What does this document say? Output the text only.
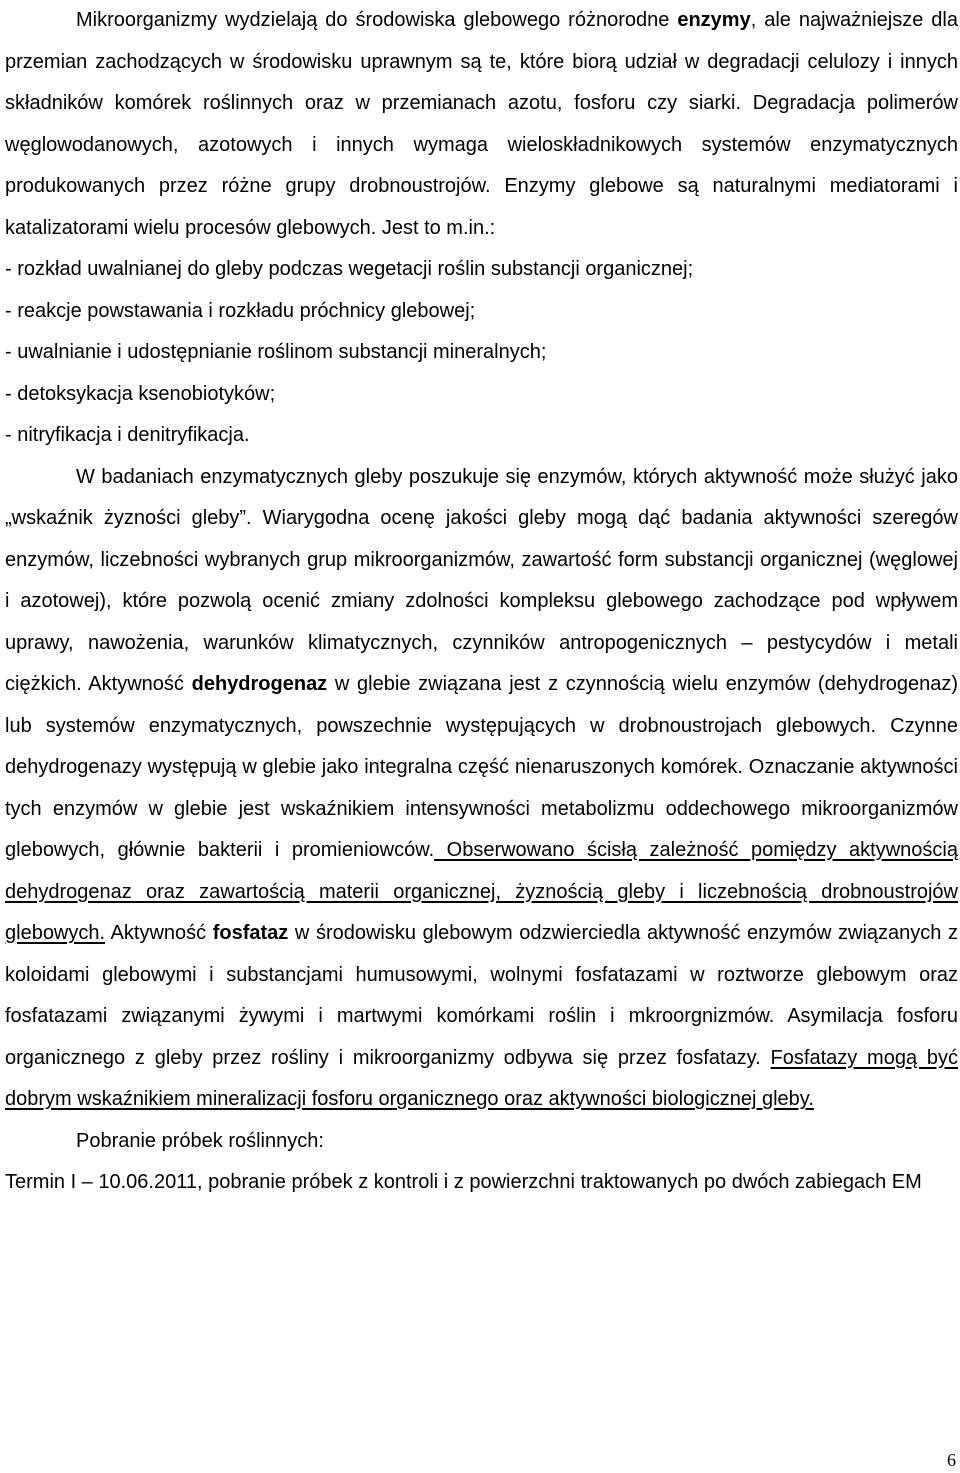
Mikroorganizmy wydzielają do środowiska glebowego różnorodne enzymy, ale najważniejsze dla przemian zachodzących w środowisku uprawnym są te, które biorą udział w degradacji celulozy i innych składników komórek roślinnych oraz w przemianach azotu, fosforu czy siarki. Degradacja polimerów węglowodanowych, azotowych i innych wymaga wieloskładnikowych systemów enzymatycznych produkowanych przez różne grupy drobnoustrojów. Enzymy glebowe są naturalnymi mediatorami i katalizatorami wielu procesów glebowych. Jest to m.in.:

- rozkład uwalnianej do gleby podczas wegetacji roślin substancji organicznej;

- reakcje powstawania i rozkładu próchnicy glebowej;

- uwalnianie i udostępnianie roślinom substancji mineralnych;

- detoksykacja ksenobiotyków;

- nitryfikacja i denitryfikacja.

W badaniach enzymatycznych gleby poszukuje się enzymów, których aktywność może służyć jako „wskaźnik żyzności gleby”. Wiarygodna ocenę jakości gleby mogą dąć badania aktywności szeregów enzymów, liczebności wybranych grup mikroorganizmów, zawartość form substancji organicznej (węglowej i azotowej), które pozwolą ocenić zmiany zdolności kompleksu glebowego zachodzące pod wpływem uprawy, nawożenia, warunków klimatycznych, czynników antropogenicznych – pestycydów i metali ciężkich. Aktywność dehydrogenaz w glebie związana jest z czynnością wielu enzymów (dehydrogenaz) lub systemów enzymatycznych, powszechnie występujących w drobnoustrojach glebowych. Czynne dehydrogenazy występują w glebie jako integralna część nienaruszonych komórek. Oznaczanie aktywności tych enzymów w glebie jest wskaźnikiem intensywności metabolizmu oddechowego mikroorganizmów glebowych, głównie bakterii i promieniowców. Obserwowano ścisłą zależność pomiędzy aktywnością dehydrogenaz oraz zawartością materii organicznej, żyznością gleby i liczebnością drobnoustrojów glebowych. Aktywność fosfataz w środowisku glebowym odzwierciedla aktywność enzymów związanych z koloidami glebowymi i substancjami humusowymi, wolnymi fosfatazami w roztworze glebowym oraz fosfatazami związanymi żywymi i martwymi komórkami roślin i mkroorgnizmów. Asymilacja fosforu organicznego z gleby przez rośliny i mikroorganizmy odbywa się przez fosfatazy. Fosfatazy mogą być dobrym wskaźnikiem mineralizacji fosforu organicznego oraz aktywności biologicznej gleby.

Pobranie próbek roślinnych:

Termin I – 10.06.2011, pobranie próbek z kontroli i z powierzchni traktowanych po dwóch zabiegach EM

6
